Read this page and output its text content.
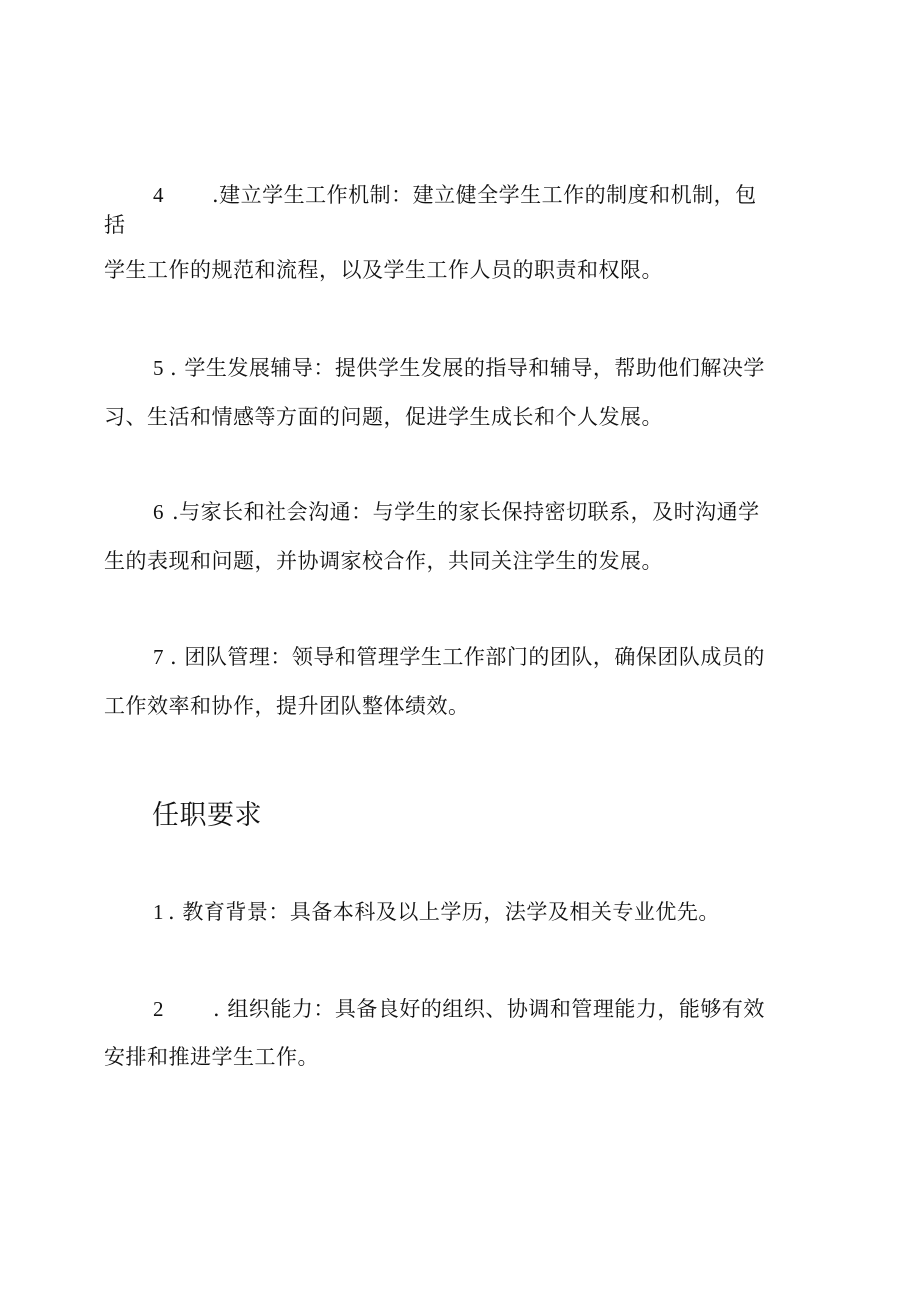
4 .建立学生工作机制：建立健全学生工作的制度和机制，包
括
学生工作的规范和流程，以及学生工作人员的职责和权限。
5 . 学生发展辅导：提供学生发展的指导和辅导，帮助他们解决学
习、生活和情感等方面的问题，促进学生成长和个人发展。
6 .与家长和社会沟通：与学生的家长保持密切联系，及时沟通学
生的表现和问题，并协调家校合作，共同关注学生的发展。
7 . 团队管理：领导和管理学生工作部门的团队，确保团队成员的
工作效率和协作，提升团队整体绩效。
任职要求
1 . 教育背景：具备本科及以上学历，法学及相关专业优先。
2 . 组织能力：具备良好的组织、协调和管理能力，能够有效
安排和推进学生工作。
